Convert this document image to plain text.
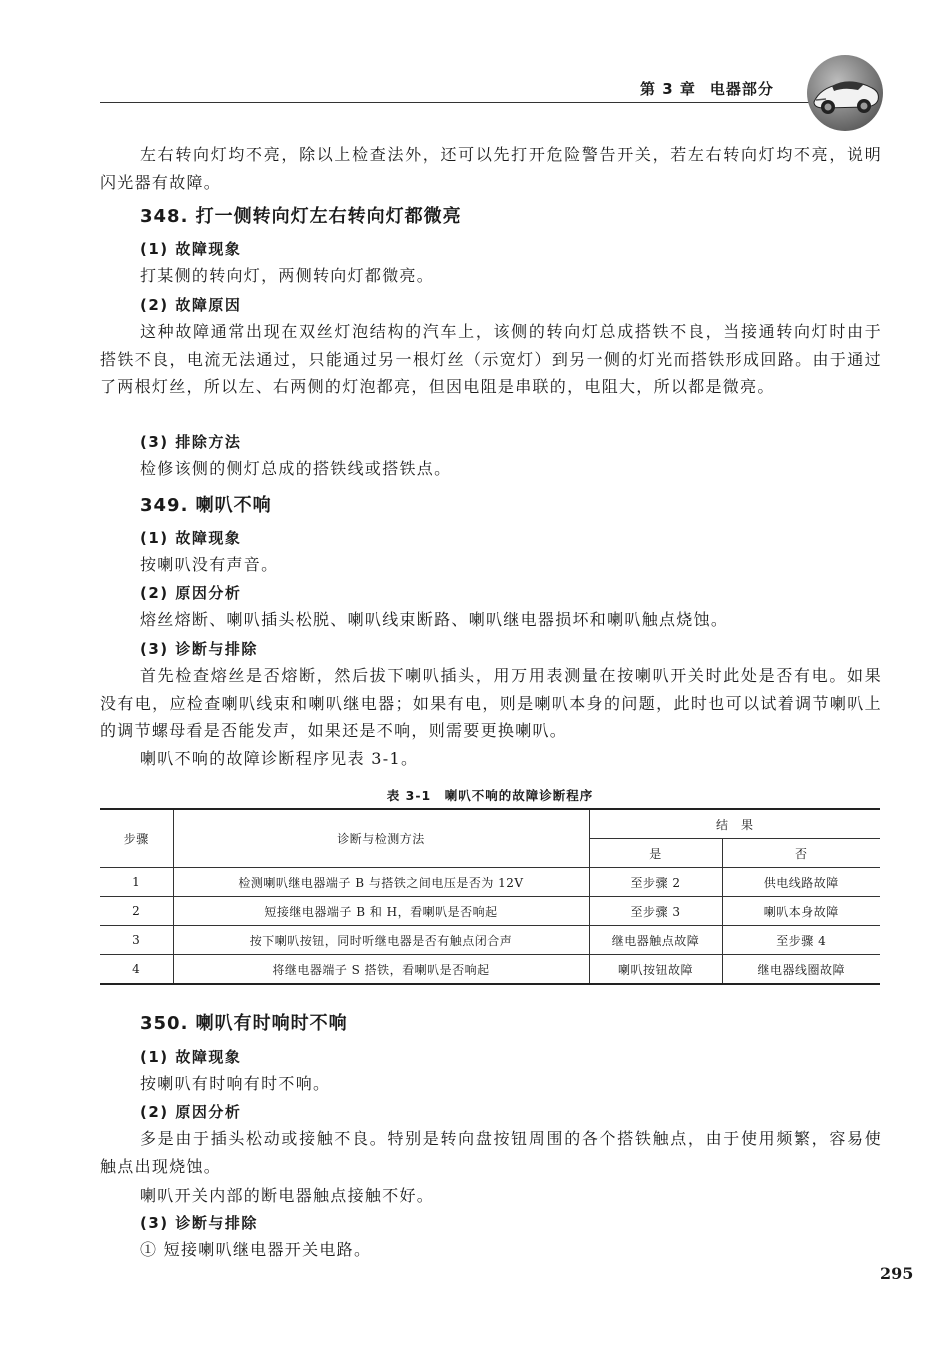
第 3 章 电器部分

左右转向灯均不亮，除以上检查法外，还可以先打开危险警告开关，若左右转向灯均不亮，说明闪光器有故障。

348. 打一侧转向灯左右转向灯都微亮
(1) 故障现象

打某侧的转向灯，两侧转向灯都微亮。

(2) 故障原因

这种故障通常出现在双丝灯泡结构的汽车上，该侧的转向灯总成搭铁不良，当接通转向灯时由于搭铁不良，电流无法通过，只能通过另一根灯丝（示宽灯）到另一侧的灯光而搭铁形成回路。由于通过了两根灯丝，所以左、右两侧的灯泡都亮，但因电阻是串联的，电阻大，所以都是微亮。

(3) 排除方法

检修该侧的侧灯总成的搭铁线或搭铁点。

349. 喇叭不响
(1) 故障现象

按喇叭没有声音。

(2) 原因分析

熔丝熔断、喇叭插头松脱、喇叭线束断路、喇叭继电器损坏和喇叭触点烧蚀。

(3) 诊断与排除

首先检查熔丝是否熔断，然后拔下喇叭插头，用万用表测量在按喇叭开关时此处是否有电。如果没有电，应检查喇叭线束和喇叭继电器；如果有电，则是喇叭本身的问题，此时也可以试着调节喇叭上的调节螺母看是否能发声，如果还是不响，则需要更换喇叭。

喇叭不响的故障诊断程序见表 3-1。

表 3-1　喇叭不响的故障诊断程序
步骤	诊断与检测方法	结　果	
		是	否
1	检测喇叭继电器端子 B 与搭铁之间电压是否为 12V	至步骤 2	供电线路故障
2	短接继电器端子 B 和 H，看喇叭是否响起	至步骤 3	喇叭本身故障
3	按下喇叭按钮，同时听继电器是否有触点闭合声	继电器触点故障	至步骤 4
4	将继电器端子 S 搭铁，看喇叭是否响起	喇叭按钮故障	继电器线圈故障
350. 喇叭有时响时不响
(1) 故障现象

按喇叭有时响有时不响。

(2) 原因分析

多是由于插头松动或接触不良。特别是转向盘按钮周围的各个搭铁触点，由于使用频繁，容易使触点出现烧蚀。

喇叭开关内部的断电器触点接触不好。

(3) 诊断与排除

① 短接喇叭继电器开关电路。

295
